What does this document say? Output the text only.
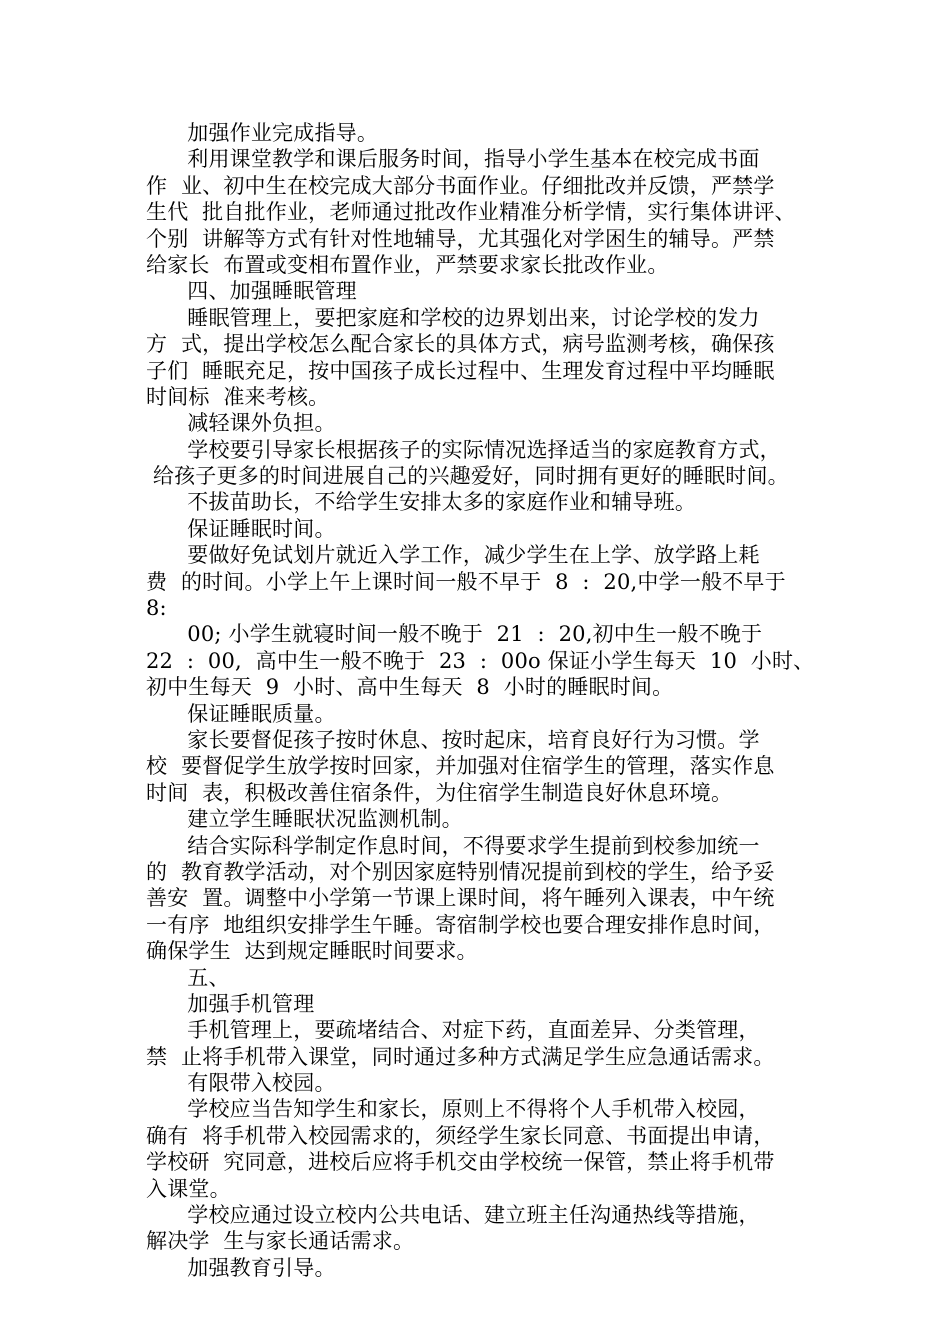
加强作业完成指导。
利用课堂教学和课后服务时间，指导小学生基本在校完成书面
作  业、初中生在校完成大部分书面作业。仔细批改并反馈，严禁学
生代  批自批作业，老师通过批改作业精准分析学情，实行集体讲评、
个别  讲解等方式有针对性地辅导，尤其强化对学困生的辅导。严禁
给家长  布置或变相布置作业，严禁要求家长批改作业。
四、加强睡眠管理
睡眠管理上，要把家庭和学校的边界划出来，讨论学校的发力
方  式，提出学校怎么配合家长的具体方式，病号监测考核，确保孩
子们  睡眠充足，按中国孩子成长过程中、生理发育过程中平均睡眠
时间标  准来考核。
减轻课外负担。
学校要引导家长根据孩子的实际情况选择适当的家庭教育方式，
给孩子更多的时间进展自己的兴趣爱好，同时拥有更好的睡眠时间。
不拔苗助长，不给学生安排太多的家庭作业和辅导班。
保证睡眠时间。
要做好免试划片就近入学工作，减少学生在上学、放学路上耗
费  的时间。小学上午上课时间一般不早于  8  :  20,中学一般不早于
8:
00; 小学生就寝时间一般不晚于  21  :  20,初中生一般不晚于
22  :  00,  高中生一般不晚于  23  :  00o 保证小学生每天  10  小时、
初中生每天  9  小时、高中生每天  8  小时的睡眠时间。
保证睡眠质量。
家长要督促孩子按时休息、按时起床，培育良好行为习惯。学
校  要督促学生放学按时回家，并加强对住宿学生的管理，落实作息
时间  表，积极改善住宿条件，为住宿学生制造良好休息环境。
建立学生睡眠状况监测机制。
结合实际科学制定作息时间，不得要求学生提前到校参加统一
的  教育教学活动，对个别因家庭特别情况提前到校的学生，给予妥
善安  置。调整中小学第一节课上课时间，将午睡列入课表，中午统
一有序  地组织安排学生午睡。寄宿制学校也要合理安排作息时间，
确保学生  达到规定睡眠时间要求。
五、
加强手机管理
手机管理上，要疏堵结合、对症下药，直面差异、分类管理，
禁  止将手机带入课堂，同时通过多种方式满足学生应急通话需求。
有限带入校园。
学校应当告知学生和家长，原则上不得将个人手机带入校园，
确有  将手机带入校园需求的，须经学生家长同意、书面提出申请，
学校研  究同意，进校后应将手机交由学校统一保管，禁止将手机带
入课堂。
学校应通过设立校内公共电话、建立班主任沟通热线等措施，
解决学  生与家长通话需求。
加强教育引导。
